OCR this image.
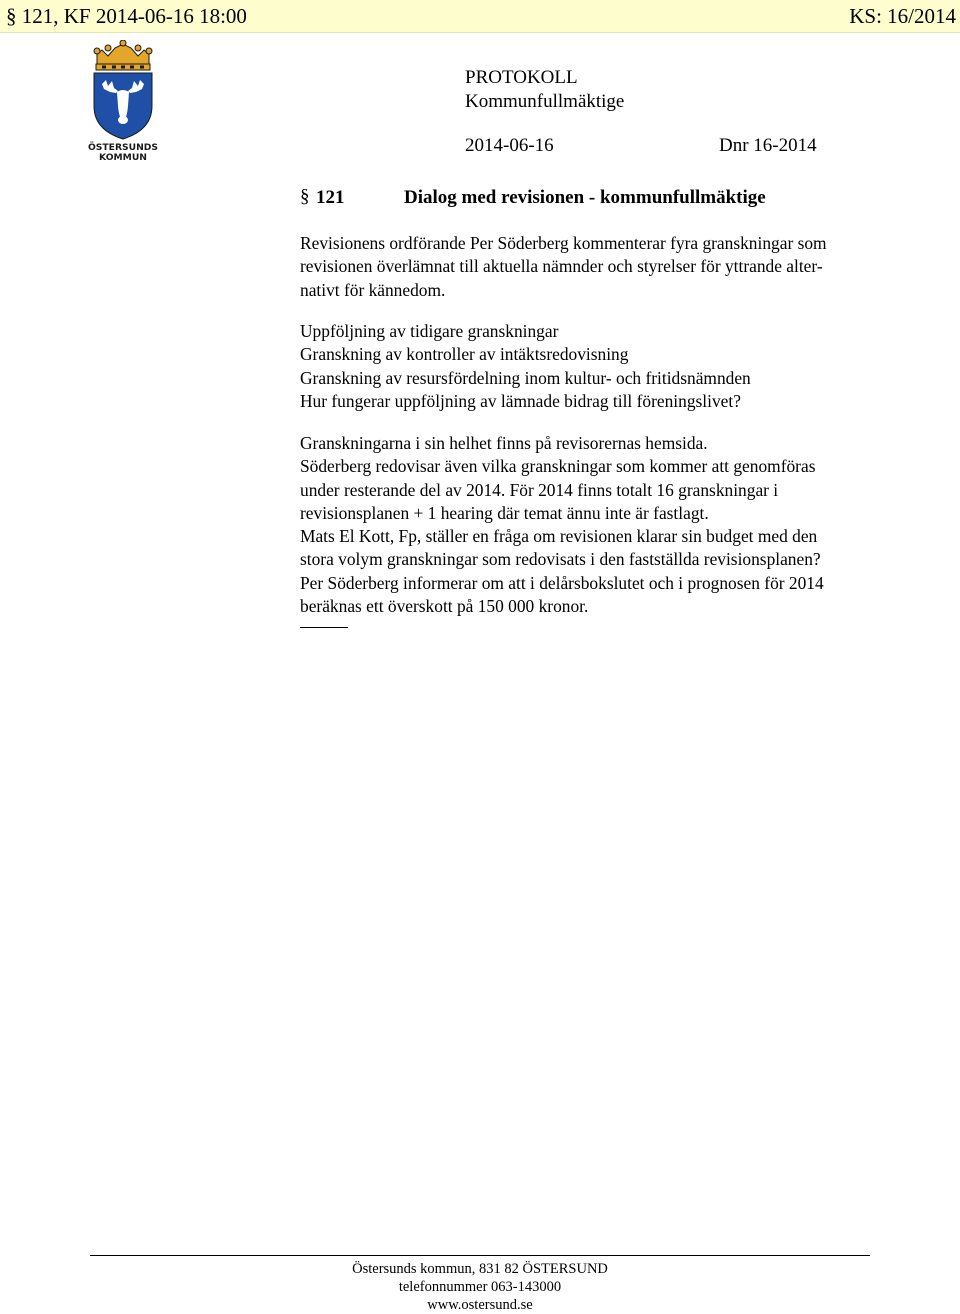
§ 121, KF 2014-06-16 18:00	KS: 16/2014
ÖSTERSUNDS
KOMMUN
PROTOKOLL
Kommunfullmäktige
2014-06-16	Dnr 16-2014
§ 121	Dialog med revisionen - kommunfullmäktige
Revisionens ordförande Per Söderberg kommenterar fyra granskningar som
revisionen överlämnat till aktuella nämnder och styrelser för yttrande alter-
nativt för kännedom.
Uppföljning av tidigare granskningar
Granskning av kontroller av intäktsredovisning
Granskning av resursfördelning inom kultur- och fritidsnämnden
Hur fungerar uppföljning av lämnade bidrag till föreningslivet?
Granskningarna i sin helhet finns på revisorernas hemsida.
Söderberg redovisar även vilka granskningar som kommer att genomföras
under resterande del av 2014. För 2014 finns totalt 16 granskningar i
revisionsplanen + 1 hearing där temat ännu inte är fastlagt.
Mats El Kott, Fp, ställer en fråga om revisionen klarar sin budget med den
stora volym granskningar som redovisats i den fastställda revisionsplanen?
Per Söderberg informerar om att i delårsbokslutet och i prognosen för 2014
beräknas ett överskott på 150 000 kronor.
Östersunds kommun, 831 82 ÖSTERSUND
telefonnummer 063-143000
www.ostersund.se
